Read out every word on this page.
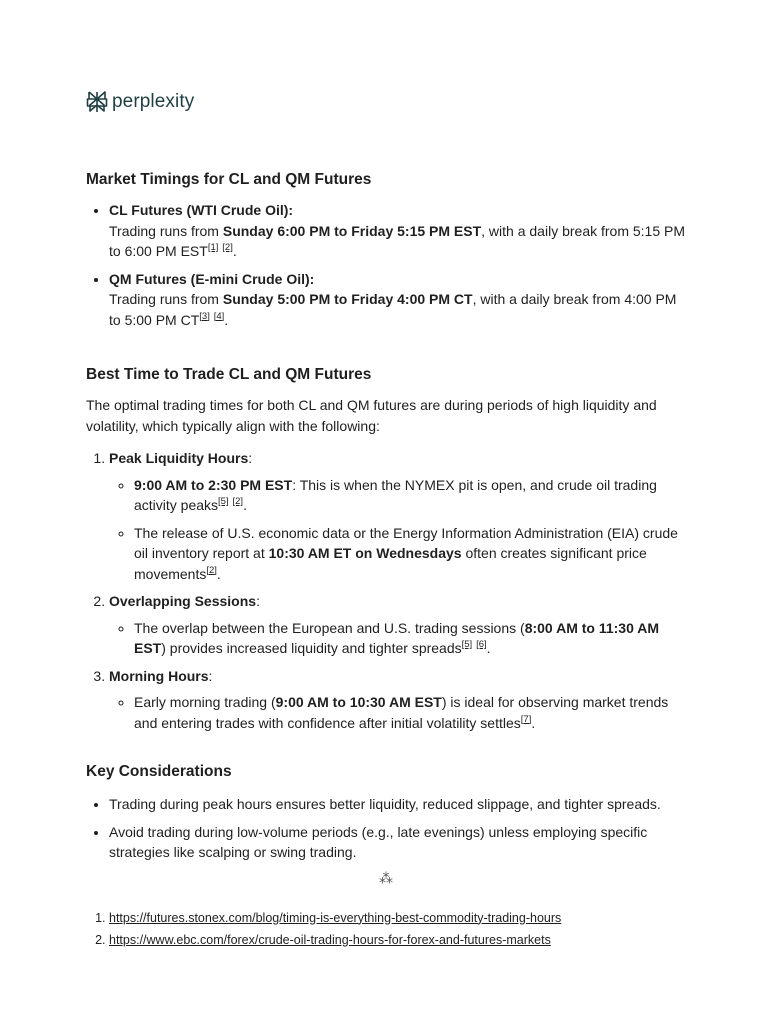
perplexity
Market Timings for CL and QM Futures
• CL Futures (WTI Crude Oil):
Trading runs from Sunday 6:00 PM to Friday 5:15 PM EST, with a daily break from 5:15 PM to 6:00 PM EST[1] [2].
• QM Futures (E-mini Crude Oil):
Trading runs from Sunday 5:00 PM to Friday 4:00 PM CT, with a daily break from 4:00 PM to 5:00 PM CT[3] [4].
Best Time to Trade CL and QM Futures

The optimal trading times for both CL and QM futures are during periods of high liquidity and volatility, which typically align with the following:

1. Peak Liquidity Hours:
◦ 9:00 AM to 2:30 PM EST: This is when the NYMEX pit is open, and crude oil trading activity peaks[5] [2].
◦ The release of U.S. economic data or the Energy Information Administration (EIA) crude oil inventory report at 10:30 AM ET on Wednesdays often creates significant price movements[2].
2. Overlapping Sessions:
◦ The overlap between the European and U.S. trading sessions (8:00 AM to 11:30 AM EST) provides increased liquidity and tighter spreads[5] [6].
3. Morning Hours:
◦ Early morning trading (9:00 AM to 10:30 AM EST) is ideal for observing market trends and entering trades with confidence after initial volatility settles[7].
Key Considerations
• Trading during peak hours ensures better liquidity, reduced slippage, and tighter spreads.
• Avoid trading during low-volume periods (e.g., late evenings) unless employing specific strategies like scalping or swing trading.
⁂
1. https://futures.stonex.com/blog/timing-is-everything-best-commodity-trading-hours
2. https://www.ebc.com/forex/crude-oil-trading-hours-for-forex-and-futures-markets
